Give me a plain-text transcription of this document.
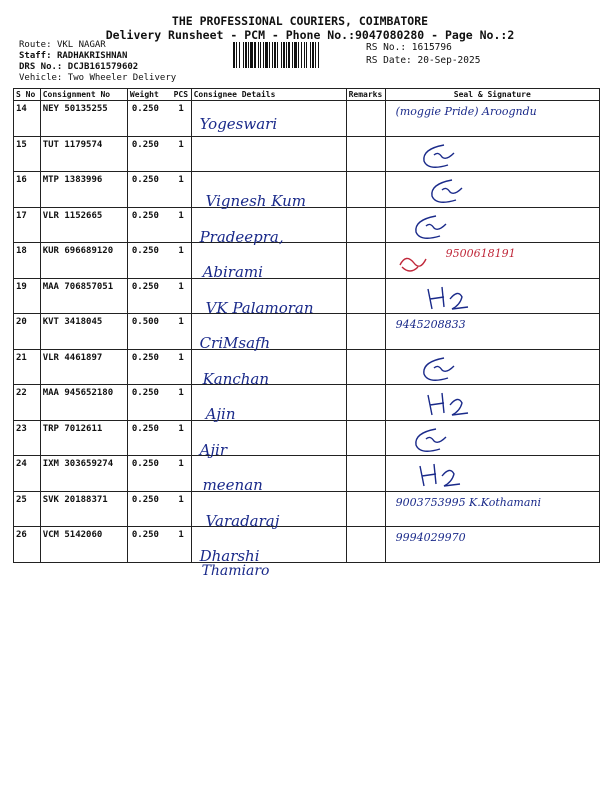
THE PROFESSIONAL COURIERS, COIMBATORE
Delivery Runsheet - PCM - Phone No.:9047080280 - Page No.:2
Route: VKL NAGAR
Staff: RADHAKRISHNAN
DRS No.: DCJB161579602
Vehicle: Two Wheeler Delivery
RS No.: 1615796
RS Date: 20-Sep-2025
S No	Consignment No	Weight	PCS	Consignee Details	Remarks	Seal & Signature
14	NEY 50135255	0.250	1	Yogeswari		(moggie Pride) Aroogndu

15	TUT 1179574	0.250	1			

16	MTP 1383996	0.250	1	Vignesh Kum

17	VLR 1152665	0.250	1	Pradeepra,

18	KUR 696689120	0.250	1	Abirami		9500618191

19	MAA 706857051	0.250	1	VK Palamoran

20	KVT 3418045	0.500	1	CriMsafh		9445208833

21	VLR 4461897	0.250	1	Kanchan

22	MAA 945652180	0.250	1	Ajin

23	TRP 7012611	0.250	1	Ajir

24	IXM 303659274	0.250	1	meenan

25	SVK 20188371	0.250	1	Varadaraj		9003753995 K.Kothamani

26	VCM 5142060	0.250	1	Dharshi
Thamiaro		9994029970
